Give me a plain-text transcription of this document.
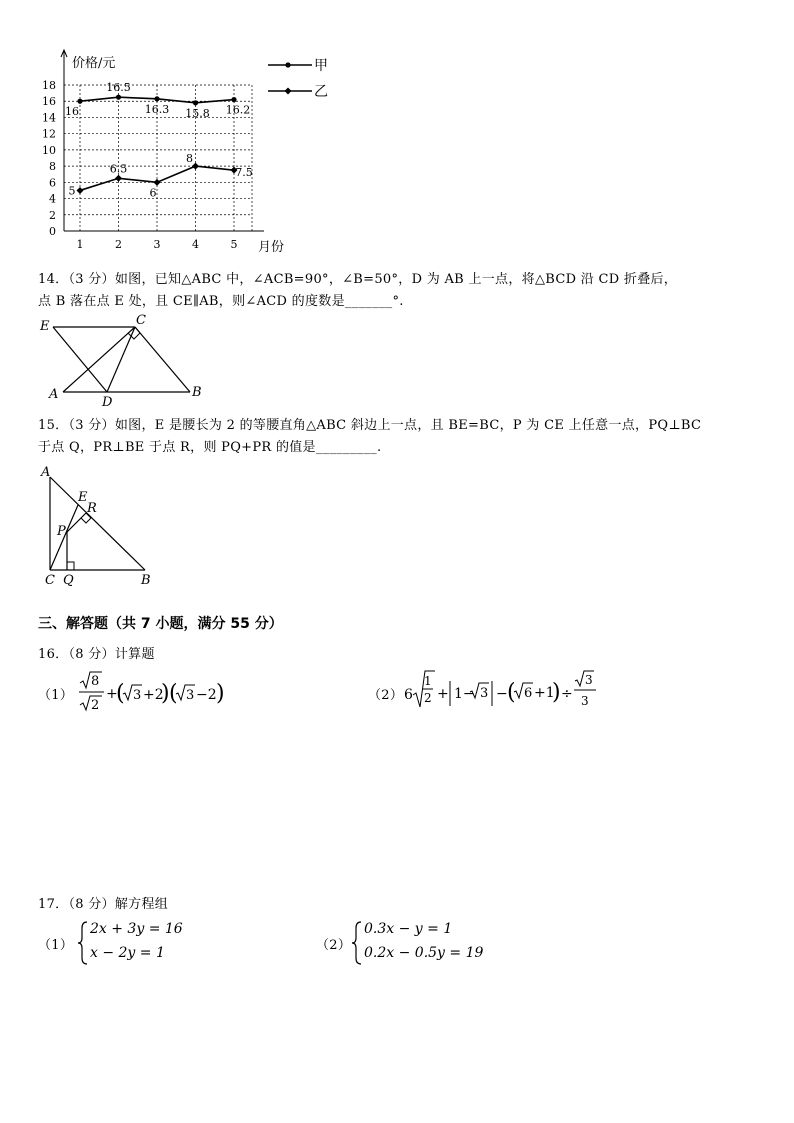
价格/元
月份
0
2
4
6
8
10
12
14
16
18
1	2	3	4	5
16
16.5
16.3 15.8 16.2
5
6.5
6
8
7.5
甲
乙
14．（3 分）如图，已知△ABC 中，∠ACB=90°，∠B=50°，D 为 AB 上一点，将△BCD 沿 CD 折叠后，
点 B 落在点 E 处，且 CE∥AB，则∠ACD 的度数是_______°.
E	C
A
D
B
15．（3 分）如图，E 是腰长为 2 的等腰直角△ABC 斜边上一点，且 BE=BC，P 为 CE 上任意一点，PQ⊥BC
于点 Q，PR⊥BE 于点 R，则 PQ+PR 的值是_________.
A
E
R
P
C Q	B
三、解答题（共 7 小题，满分 55 分）
16．（8 分）计算题
（1）
8
2
+
( 3 +2
) ( 3 −2 )	（2） 6
1
2 + 1− 3 − ( 6 +1
) ÷
3
3
17．（8 分）解方程组
（1）
2x + 3y = 16
x − 2y = 1	（2）
0.3x − y = 1
0.2x − 0.5y = 19
